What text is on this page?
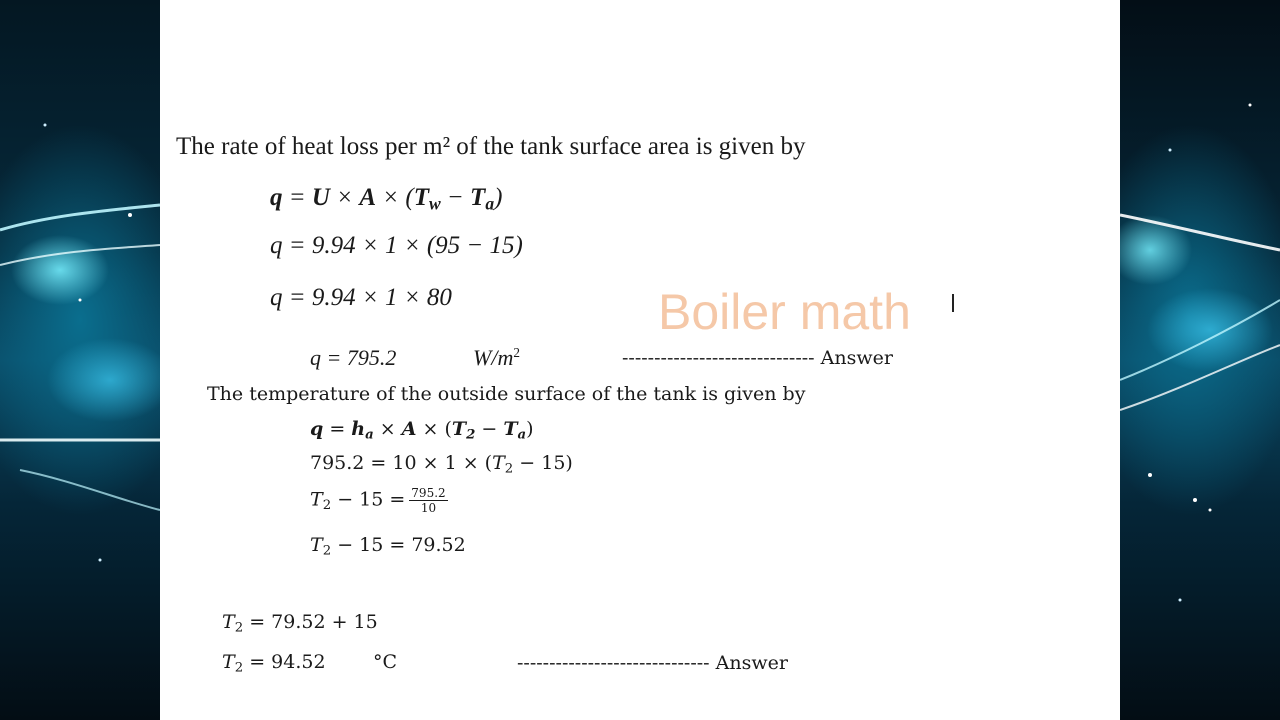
The rate of heat loss per m² of the tank surface area is given by
$q = U \times A \times (T_w - T_a)$
q = 9.94 × 1 × (95 − 15)
q = 9.94 × 1 × 80	Boiler math
q = 795.2	$W/m^2$	------------------------------ Answer
The temperature of the outside surface of the tank is given by
$q = h_a \times A \times (T_2 - T_a)$
$795.2 = 10 \times 1 \times (T_2 - 15)$
$T_2 - 15 = \frac{795.2}{10}$
$T_2 - 15 = 79.52$
$T_2 = 79.52 + 15$
$T_2 = 94.52$ °C	------------------------------ Answer
